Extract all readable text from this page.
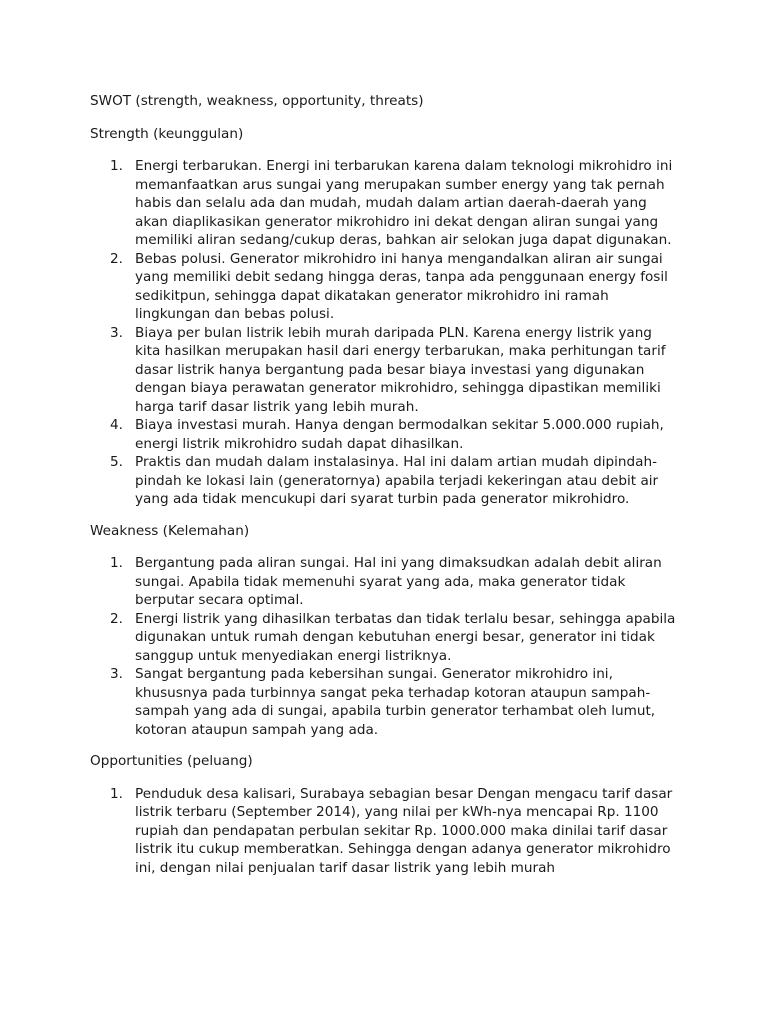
SWOT (strength, weakness, opportunity, threats)

Strength (keunggulan)

1. Energi terbarukan. Energi ini terbarukan karena dalam teknologi mikrohidro ini memanfaatkan arus sungai yang merupakan sumber energy yang tak pernah habis dan selalu ada dan mudah, mudah dalam artian daerah-daerah yang akan diaplikasikan generator mikrohidro ini dekat dengan aliran sungai yang memiliki aliran sedang/cukup deras, bahkan air selokan juga dapat digunakan.
2. Bebas polusi. Generator mikrohidro ini hanya mengandalkan aliran air sungai yang memiliki debit sedang hingga deras, tanpa ada penggunaan energy fosil sedikitpun, sehingga dapat dikatakan generator mikrohidro ini ramah lingkungan dan bebas polusi.
3. Biaya per bulan listrik lebih murah daripada PLN. Karena energy listrik yang kita hasilkan merupakan hasil dari energy terbarukan, maka perhitungan tarif dasar listrik hanya bergantung pada besar biaya investasi yang digunakan dengan biaya perawatan generator mikrohidro, sehingga dipastikan memiliki harga tarif dasar listrik yang lebih murah.
4. Biaya investasi murah. Hanya dengan bermodalkan sekitar 5.000.000 rupiah, energi listrik mikrohidro sudah dapat dihasilkan.
5. Praktis dan mudah dalam instalasinya. Hal ini dalam artian mudah dipindah-pindah ke lokasi lain (generatornya) apabila terjadi kekeringan atau debit air yang ada tidak mencukupi dari syarat turbin pada generator mikrohidro.

Weakness (Kelemahan)

1. Bergantung pada aliran sungai. Hal ini yang dimaksudkan adalah debit aliran sungai. Apabila tidak memenuhi syarat yang ada, maka generator tidak berputar secara optimal.
2. Energi listrik yang dihasilkan terbatas dan tidak terlalu besar, sehingga apabila digunakan untuk rumah dengan kebutuhan energi besar, generator ini tidak sanggup untuk menyediakan energi listriknya.
3. Sangat bergantung pada kebersihan sungai. Generator mikrohidro ini, khususnya pada turbinnya sangat peka terhadap kotoran ataupun sampah-sampah yang ada di sungai, apabila turbin generator terhambat oleh lumut, kotoran ataupun sampah yang ada.

Opportunities (peluang)

1. Penduduk desa kalisari, Surabaya sebagian besar Dengan mengacu tarif dasar listrik terbaru (September 2014), yang nilai per kWh-nya mencapai Rp. 1100 rupiah dan pendapatan perbulan sekitar Rp. 1000.000 maka dinilai tarif dasar listrik itu cukup memberatkan. Sehingga dengan adanya generator mikrohidro ini, dengan nilai penjualan tarif dasar listrik yang lebih murah
